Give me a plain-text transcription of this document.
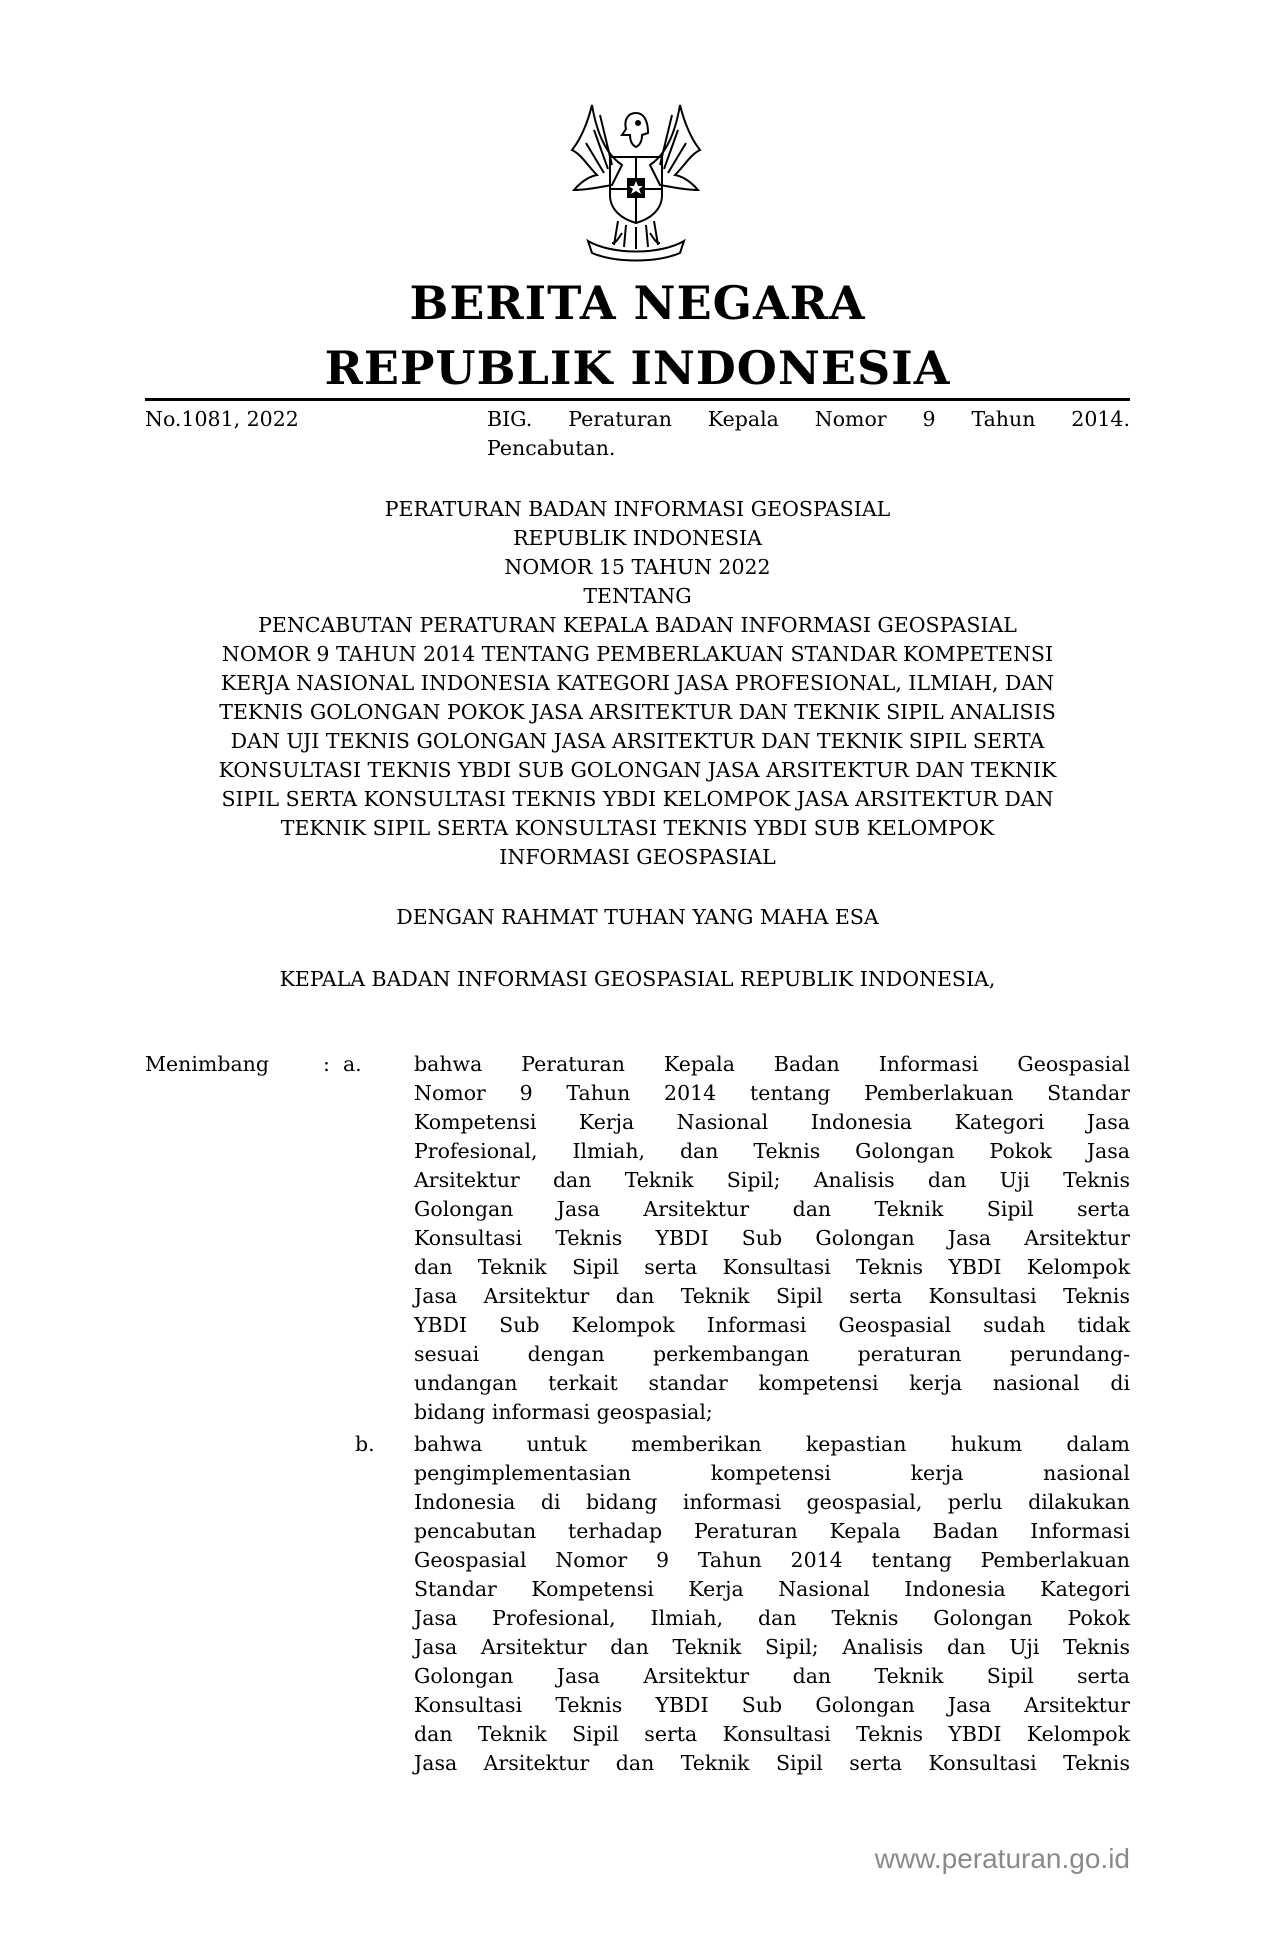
BERITA NEGARA
REPUBLIK INDONESIA
No.1081, 2022	BIG. Peraturan Kepala Nomor 9 Tahun 2014.
Pencabutan.
PERATURAN BADAN INFORMASI GEOSPASIAL
REPUBLIK INDONESIA
NOMOR 15 TAHUN 2022
TENTANG
PENCABUTAN PERATURAN KEPALA BADAN INFORMASI GEOSPASIAL
NOMOR 9 TAHUN 2014 TENTANG PEMBERLAKUAN STANDAR KOMPETENSI
KERJA NASIONAL INDONESIA KATEGORI JASA PROFESIONAL, ILMIAH, DAN
TEKNIS GOLONGAN POKOK JASA ARSITEKTUR DAN TEKNIK SIPIL ANALISIS
DAN UJI TEKNIS GOLONGAN JASA ARSITEKTUR DAN TEKNIK SIPIL SERTA
KONSULTASI TEKNIS YBDI SUB GOLONGAN JASA ARSITEKTUR DAN TEKNIK
SIPIL SERTA KONSULTASI TEKNIS YBDI KELOMPOK JASA ARSITEKTUR DAN
TEKNIK SIPIL SERTA KONSULTASI TEKNIS YBDI SUB KELOMPOK
INFORMASI GEOSPASIAL
DENGAN RAHMAT TUHAN YANG MAHA ESA
KEPALA BADAN INFORMASI GEOSPASIAL REPUBLIK INDONESIA,
Menimbang	:  a.	bahwa Peraturan Kepala Badan Informasi Geospasial
Nomor 9 Tahun 2014 tentang Pemberlakuan Standar
Kompetensi Kerja Nasional Indonesia Kategori Jasa
Profesional, Ilmiah, dan Teknis Golongan Pokok Jasa
Arsitektur dan Teknik Sipil; Analisis dan Uji Teknis
Golongan Jasa Arsitektur dan Teknik Sipil serta
Konsultasi Teknis YBDI Sub Golongan Jasa Arsitektur
dan Teknik Sipil serta Konsultasi Teknis YBDI Kelompok
Jasa Arsitektur dan Teknik Sipil serta Konsultasi Teknis
YBDI Sub Kelompok Informasi Geospasial sudah tidak
sesuai dengan perkembangan peraturan perundang-
undangan terkait standar kompetensi kerja nasional di
bidang informasi geospasial;
b. bahwa untuk memberikan kepastian hukum dalam
pengimplementasian kompetensi kerja nasional
Indonesia di bidang informasi geospasial, perlu dilakukan
pencabutan terhadap Peraturan Kepala Badan Informasi
Geospasial Nomor 9 Tahun 2014 tentang Pemberlakuan
Standar Kompetensi Kerja Nasional Indonesia Kategori
Jasa Profesional, Ilmiah, dan Teknis Golongan Pokok
Jasa Arsitektur dan Teknik Sipil; Analisis dan Uji Teknis
Golongan Jasa Arsitektur dan Teknik Sipil serta
Konsultasi Teknis YBDI Sub Golongan Jasa Arsitektur
dan Teknik Sipil serta Konsultasi Teknis YBDI Kelompok
Jasa Arsitektur dan Teknik Sipil serta Konsultasi Teknis
www.peraturan.go.id
